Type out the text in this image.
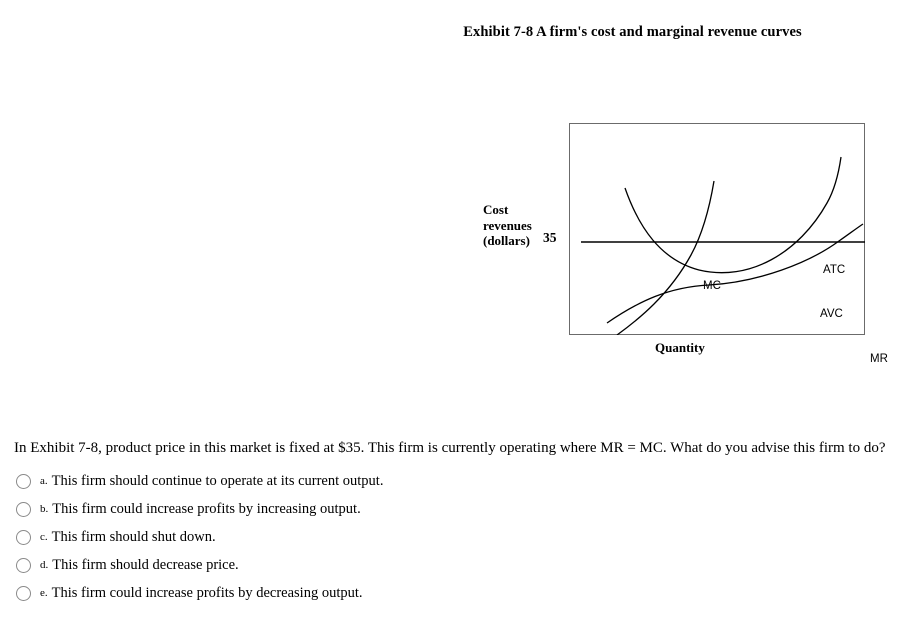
Exhibit 7-8 A firm's cost and marginal revenue curves
Cost
revenues
(dollars) 35
Quantity
MC
ATC
AVC
MR
In Exhibit 7-8, product price in this market is fixed at $35. This firm is currently operating where MR = MC. What do you advise this firm to do?
a. This firm should continue to operate at its current output.
b. This firm could increase profits by increasing output.
c. This firm should shut down.
d. This firm should decrease price.
e. This firm could increase profits by decreasing output.
